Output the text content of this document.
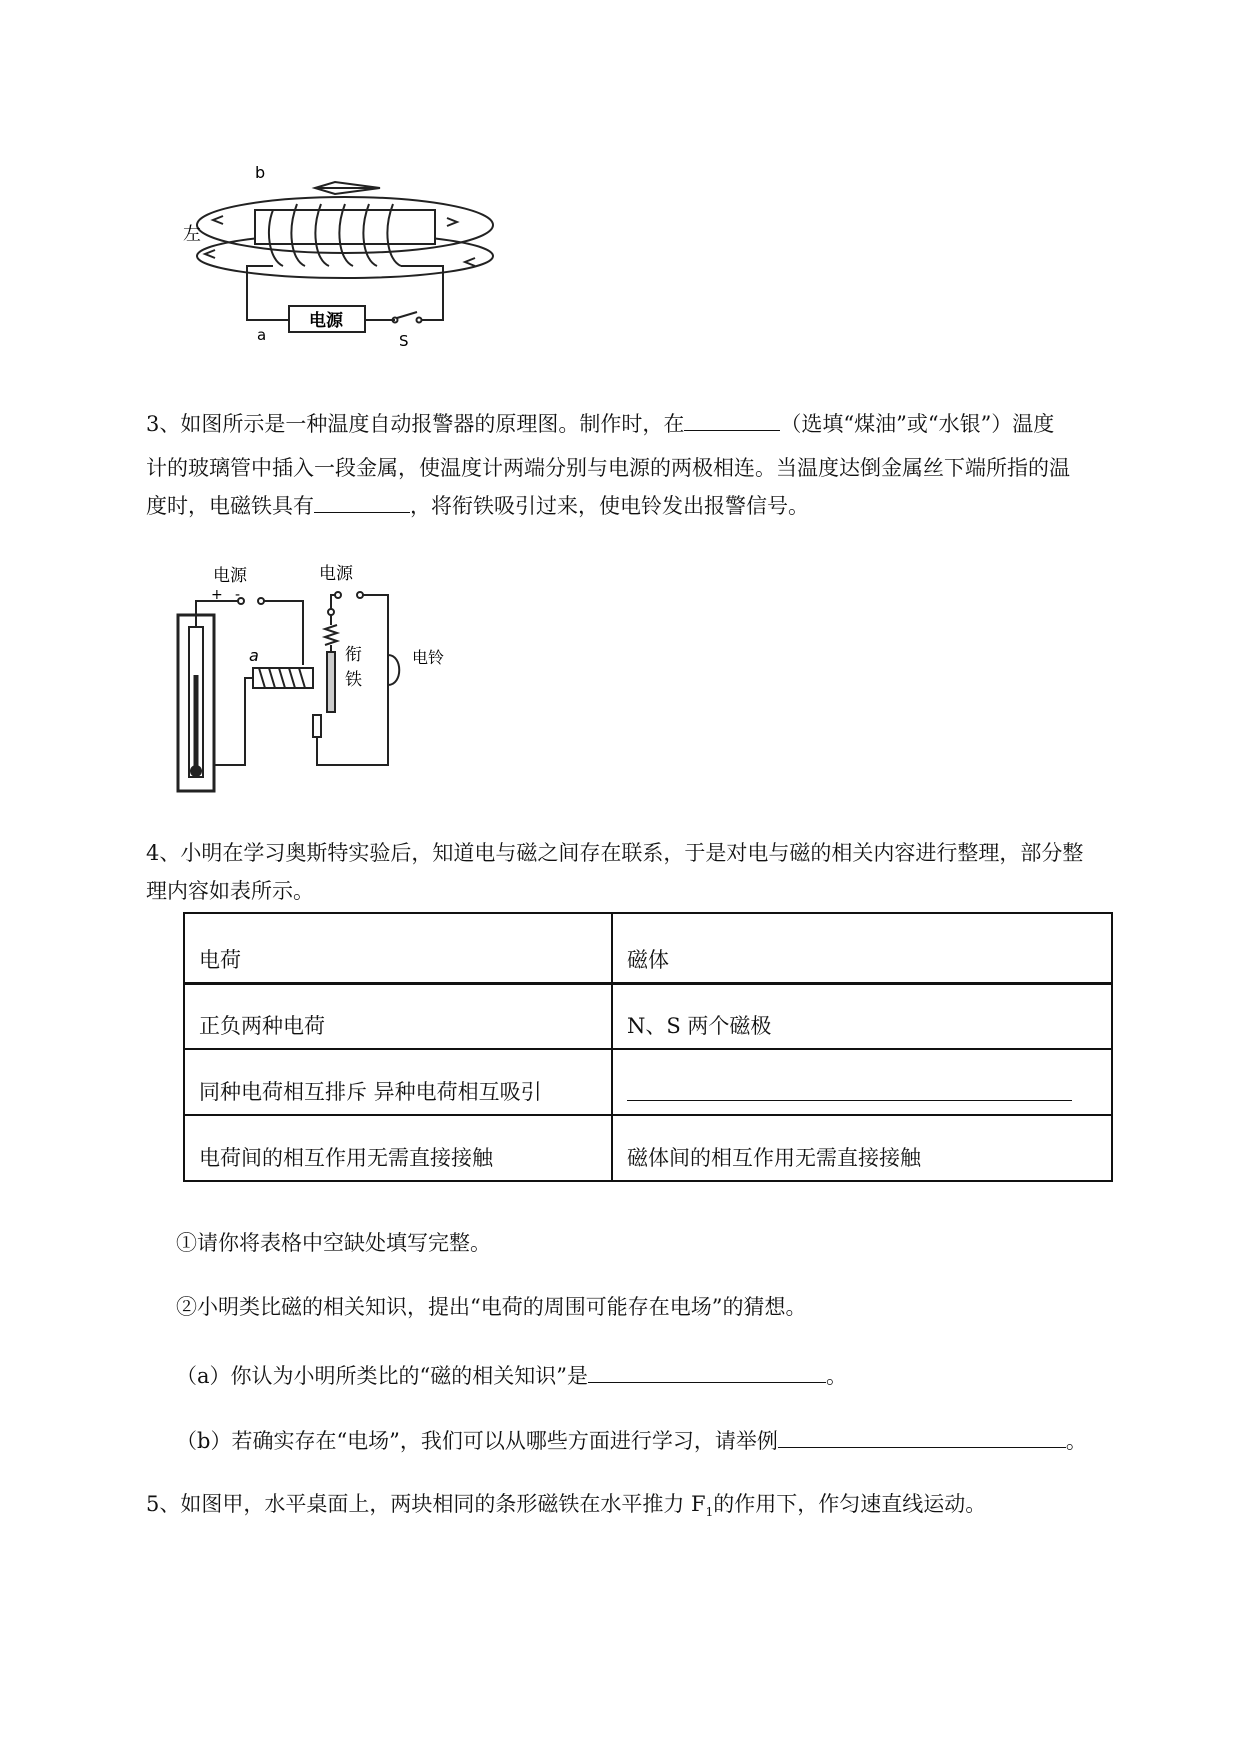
b
左
a
电源
S
3、如图所示是一种温度自动报警器的原理图。制作时，在	（选填“煤油”或“水银”）温度
计的玻璃管中插入一段金属，使温度计两端分别与电源的两极相连。当温度达倒金属丝下端所指的温
度时，电磁铁具有	，将衔铁吸引过来，使电铃发出报警信号。
电源
+ -
电源
a	衔
铁
电铃
4、小明在学习奥斯特实验后，知道电与磁之间存在联系，于是对电与磁的相关内容进行整理，部分整
理内容如表所示。
电荷	磁体
正负两种电荷	N、S 两个磁极
同种电荷相互排斥 异种电荷相互吸引	
电荷间的相互作用无需直接接触	磁体间的相互作用无需直接接触
①请你将表格中空缺处填写完整。
②小明类比磁的相关知识，提出“电荷的周围可能存在电场”的猜想。
（a）你认为小明所类比的“磁的相关知识”是	。
（b）若确实存在“电场”，我们可以从哪些方面进行学习，请举例	。
5、如图甲，水平桌面上，两块相同的条形磁铁在水平推力 $F_1$的作用下，作匀速直线运动。
